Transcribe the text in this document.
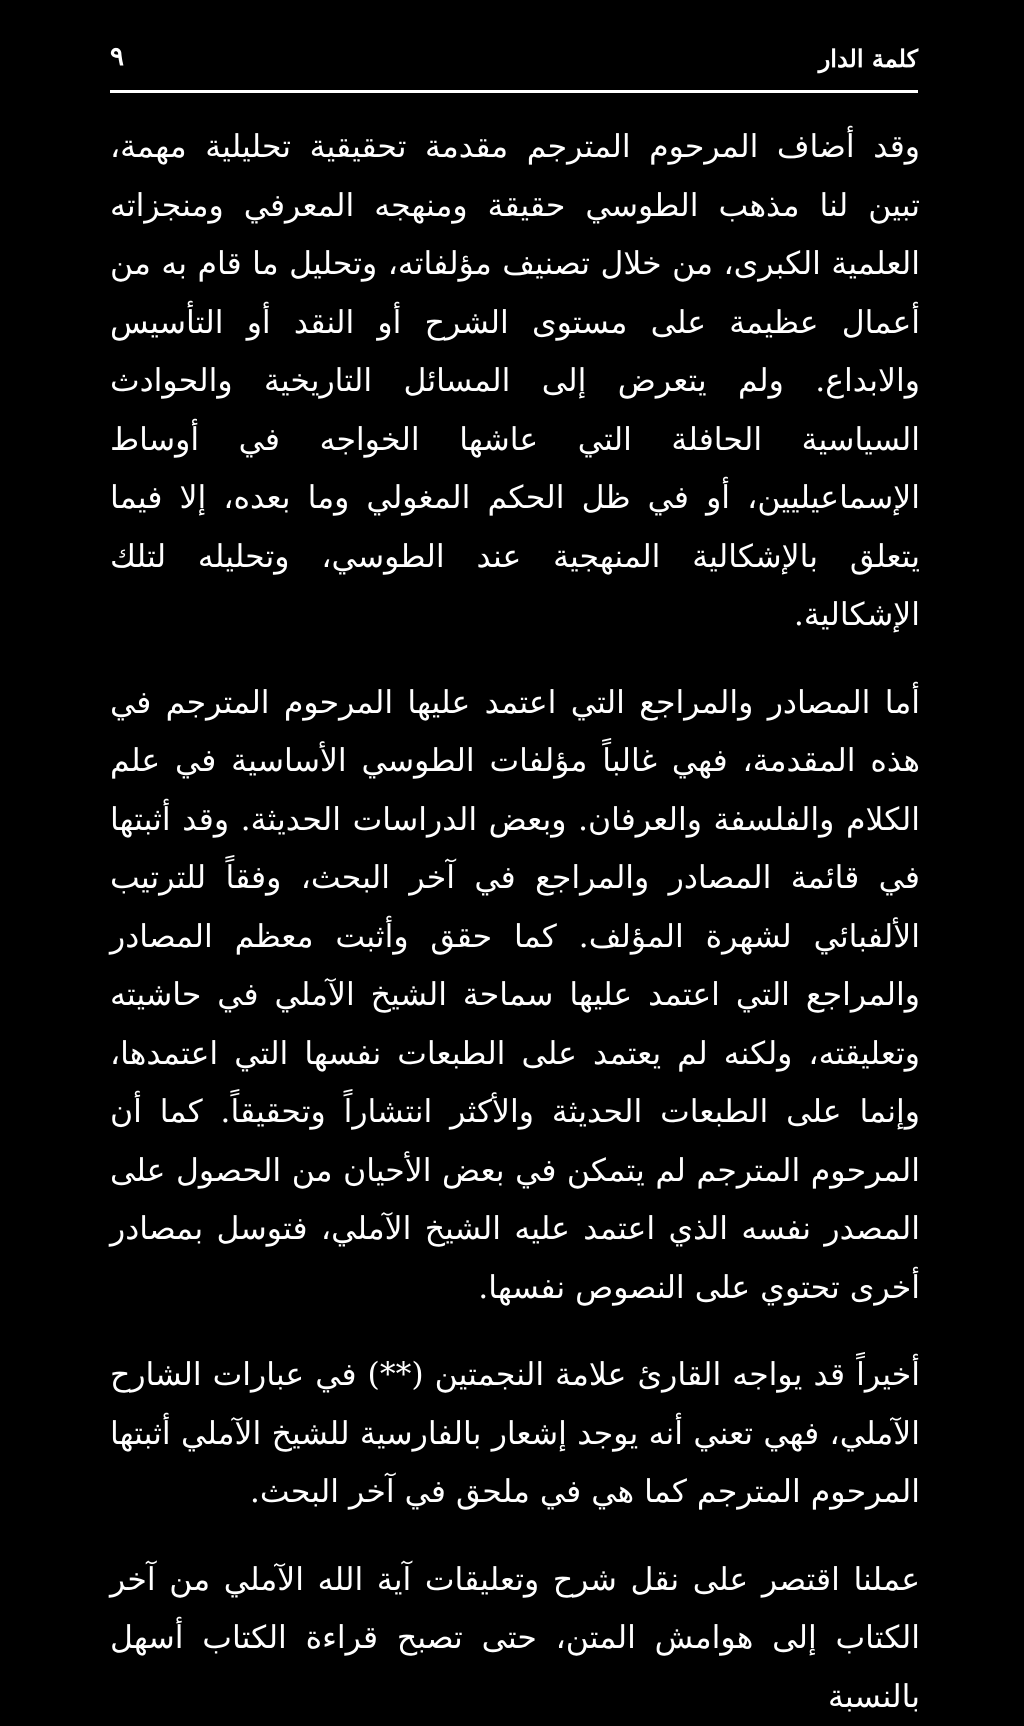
كلمة الدار
٩

وقد أضاف المرحوم المترجم مقدمة تحقيقية تحليلية مهمة، تبين لنا مذهب الطوسي حقيقة ومنهجه المعرفي ومنجزاته العلمية الكبرى، من خلال تصنيف مؤلفاته، وتحليل ما قام به من أعمال عظيمة على مستوى الشرح أو النقد أو التأسيس والابداع. ولم يتعرض إلى المسائل التاريخية والحوادث السياسية الحافلة التي عاشها الخواجه في أوساط الإسماعيليين، أو في ظل الحكم المغولي وما بعده، إلا فيما يتعلق بالإشكالية المنهجية عند الطوسي، وتحليله لتلك الإشكالية.

أما المصادر والمراجع التي اعتمد عليها المرحوم المترجم في هذه المقدمة، فهي غالباً مؤلفات الطوسي الأساسية في علم الكلام والفلسفة والعرفان. وبعض الدراسات الحديثة. وقد أثبتها في قائمة المصادر والمراجع في آخر البحث، وفقاً للترتيب الألفبائي لشهرة المؤلف. كما حقق وأثبت معظم المصادر والمراجع التي اعتمد عليها سماحة الشيخ الآملي في حاشيته وتعليقته، ولكنه لم يعتمد على الطبعات نفسها التي اعتمدها، وإنما على الطبعات الحديثة والأكثر انتشاراً وتحقيقاً. كما أن المرحوم المترجم لم يتمكن في بعض الأحيان من الحصول على المصدر نفسه الذي اعتمد عليه الشيخ الآملي، فتوسل بمصادر أخرى تحتوي على النصوص نفسها.

أخيراً قد يواجه القارئ علامة النجمتين (**) في عبارات الشارح الآملي، فهي تعني أنه يوجد إشعار بالفارسية للشيخ الآملي أثبتها المرحوم المترجم كما هي في ملحق في آخر البحث.

عملنا اقتصر على نقل شرح وتعليقات آية الله الآملي من آخر الكتاب إلى هوامش المتن، حتى تصبح قراءة الكتاب أسهل بالنسبة
